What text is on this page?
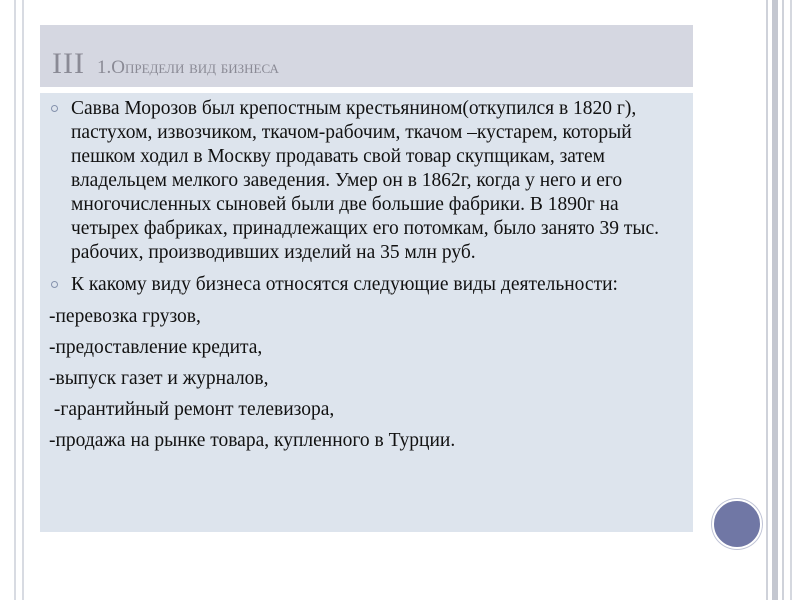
III 1.Определи вид бизнеса
Савва Морозов был крепостным крестьянином(откупился в 1820 г), пастухом, извозчиком, ткачом-рабочим, ткачом –кустарем, который пешком ходил в Москву продавать свой товар скупщикам, затем владельцем мелкого заведения. Умер он в 1862г, когда у него и его многочисленных сыновей были две большие фабрики. В 1890г на четырех фабриках, принадлежащих его потомкам, было занято 39 тыс. рабочих, производивших изделий на 35 млн руб.
К какому виду бизнеса относятся следующие виды деятельности:
-перевозка грузов,
-предоставление кредита,
-выпуск газет и журналов,
-гарантийный ремонт телевизора,
-продажа на рынке товара, купленного в Турции.
